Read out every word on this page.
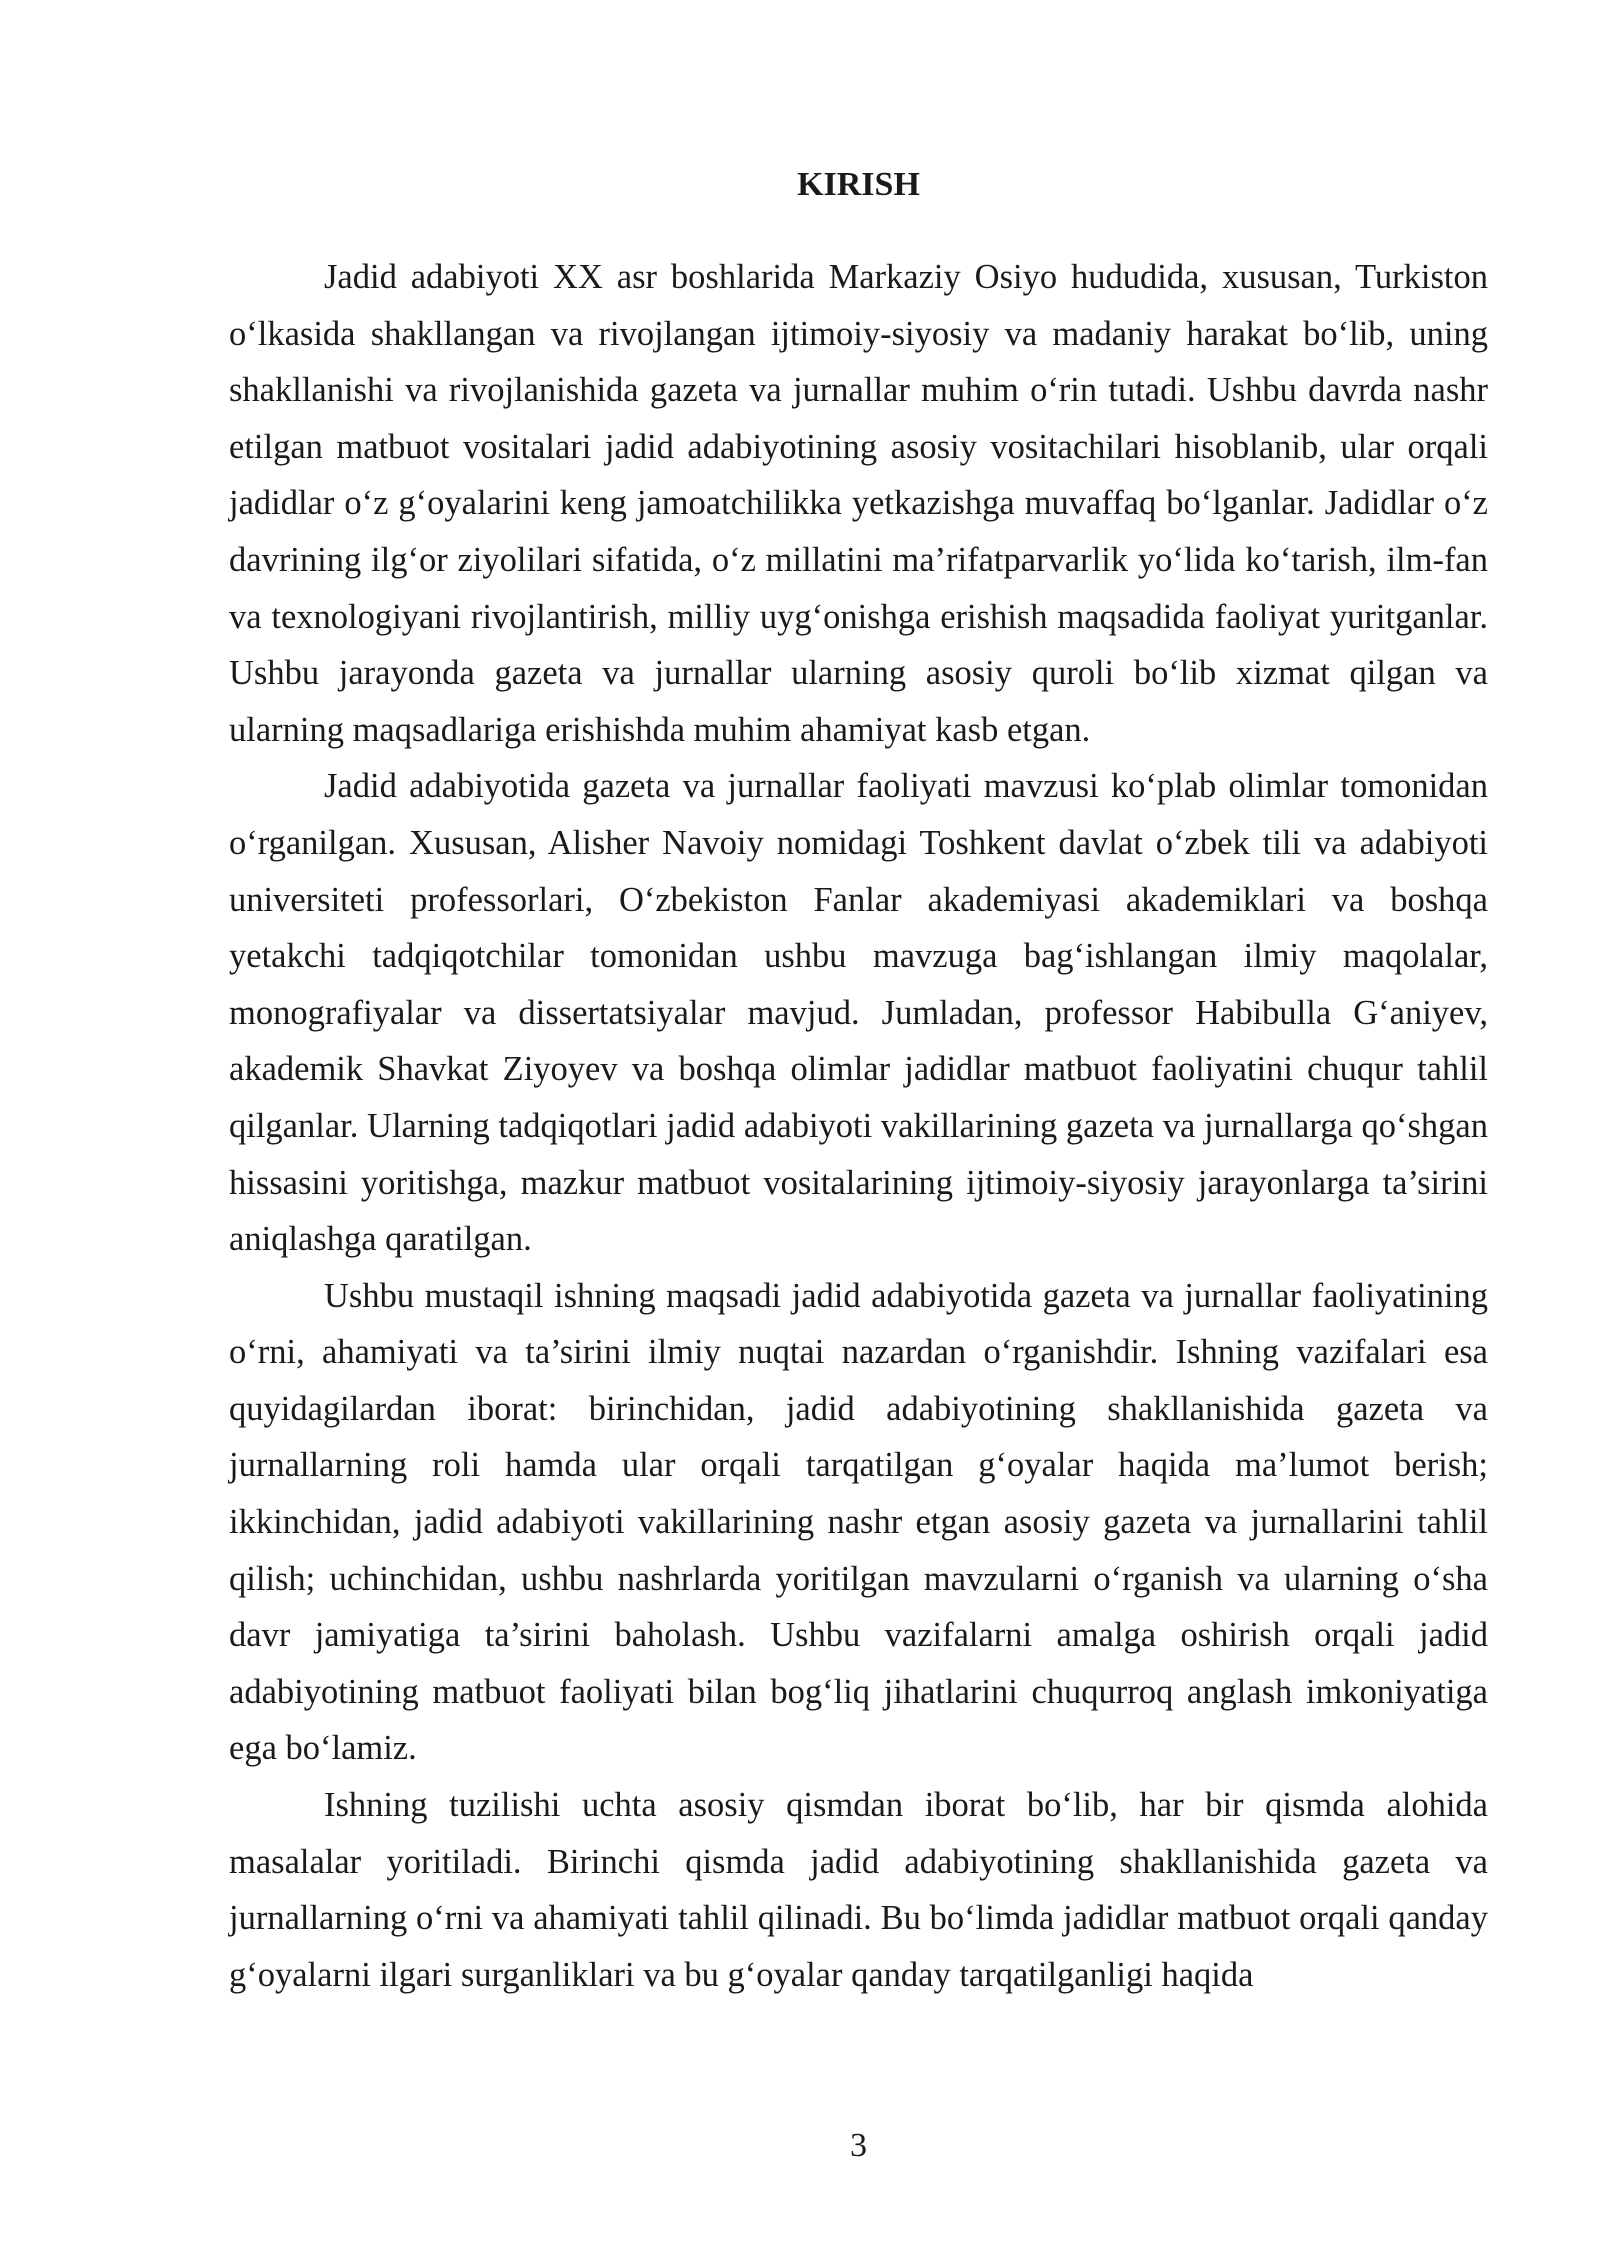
KIRISH

Jadid adabiyoti XX asr boshlarida Markaziy Osiyo hududida, xususan, Turkiston o‘lkasida shakllangan va rivojlangan ijtimoiy-siyosiy va madaniy harakat bo‘lib, uning shakllanishi va rivojlanishida gazeta va jurnallar muhim o‘rin tutadi. Ushbu davrda nashr etilgan matbuot vositalari jadid adabiyotining asosiy vositachilari hisoblanib, ular orqali jadidlar o‘z g‘oyalarini keng jamoatchilikka yetkazishga muvaffaq bo‘lganlar. Jadidlar o‘z davrining ilg‘or ziyolilari sifatida, o‘z millatini ma’rifatparvarlik yo‘lida ko‘tarish, ilm-fan va texnologiyani rivojlantirish, milliy uyg‘onishga erishish maqsadida faoliyat yuritganlar. Ushbu jarayonda gazeta va jurnallar ularning asosiy quroli bo‘lib xizmat qilgan va ularning maqsadlariga erishishda muhim ahamiyat kasb etgan.

Jadid adabiyotida gazeta va jurnallar faoliyati mavzusi ko‘plab olimlar tomonidan o‘rganilgan. Xususan, Alisher Navoiy nomidagi Toshkent davlat o‘zbek tili va adabiyoti universiteti professorlari, O‘zbekiston Fanlar akademiyasi akademiklari va boshqa yetakchi tadqiqotchilar tomonidan ushbu mavzuga bag‘ishlangan ilmiy maqolalar, monografiyalar va dissertatsiyalar mavjud. Jumladan, professor Habibulla G‘aniyev, akademik Shavkat Ziyoyev va boshqa olimlar jadidlar matbuot faoliyatini chuqur tahlil qilganlar. Ularning tadqiqotlari jadid adabiyoti vakillarining gazeta va jurnallarga qo‘shgan hissasini yoritishga, mazkur matbuot vositalarining ijtimoiy-siyosiy jarayonlarga ta’sirini aniqlashga qaratilgan.

Ushbu mustaqil ishning maqsadi jadid adabiyotida gazeta va jurnallar faoliyatining o‘rni, ahamiyati va ta’sirini ilmiy nuqtai nazardan o‘rganishdir. Ishning vazifalari esa quyidagilardan iborat: birinchidan, jadid adabiyotining shakllanishida gazeta va jurnallarning roli hamda ular orqali tarqatilgan g‘oyalar haqida ma’lumot berish; ikkinchidan, jadid adabiyoti vakillarining nashr etgan asosiy gazeta va jurnallarini tahlil qilish; uchinchidan, ushbu nashrlarda yoritilgan mavzularni o‘rganish va ularning o‘sha davr jamiyatiga ta’sirini baholash. Ushbu vazifalarni amalga oshirish orqali jadid adabiyotining matbuot faoliyati bilan bog‘liq jihatlarini chuqurroq anglash imkoniyatiga ega bo‘lamiz.

Ishning tuzilishi uchta asosiy qismdan iborat bo‘lib, har bir qismda alohida masalalar yoritiladi. Birinchi qismda jadid adabiyotining shakllanishida gazeta va jurnallarning o‘rni va ahamiyati tahlil qilinadi. Bu bo‘limda jadidlar matbuot orqali qanday g‘oyalarni ilgari surganliklari va bu g‘oyalar qanday tarqatilganligi haqida

3
